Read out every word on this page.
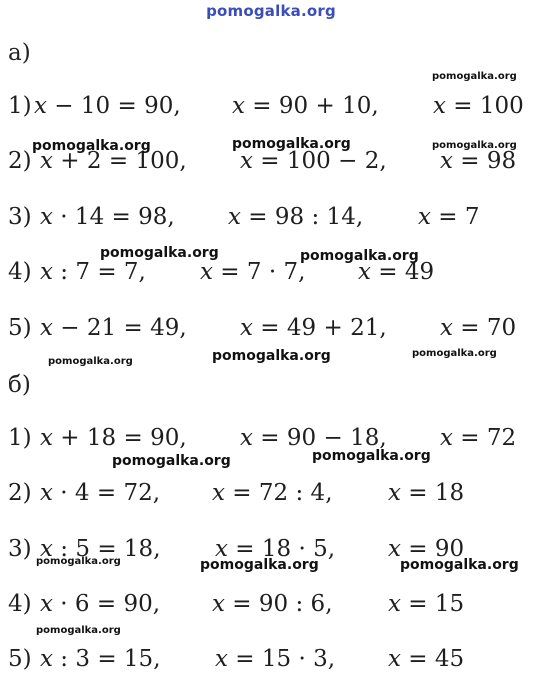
pomogalka.org
а)
1) x − 10 = 90, x = 90 + 10, x = 100
2) x + 2 = 100, x = 100 − 2, x = 98
3) x · 14 = 98, x = 98 : 14, x = 7
4) x : 7 = 7, x = 7 · 7, x = 49
5) x − 21 = 49, x = 49 + 21, x = 70
б)
1) x + 18 = 90, x = 90 − 18, x = 72
2) x · 4 = 72, x = 72 : 4, x = 18
3) x : 5 = 18, x = 18 · 5, x = 90
4) x · 6 = 90, x = 90 : 6, x = 15
5) x : 3 = 15, x = 15 · 3, x = 45
pomogalka.org
pomogalka.org	pomogalka.org	pomogalka.org
pomogalka.org	pomogalka.org
pomogalka.org	pomogalka.org	pomogalka.org
pomogalka.org	pomogalka.org
pomogalka.org	pomogalka.org	pomogalka.org
pomogalka.org
